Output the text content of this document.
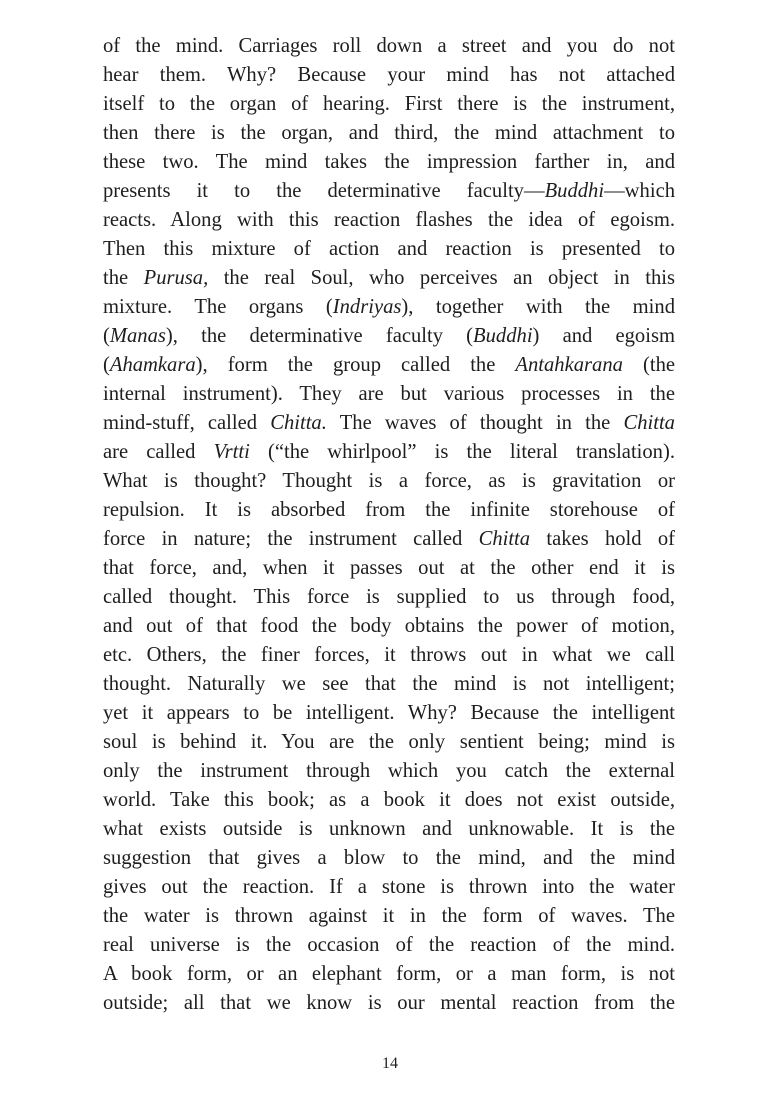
of the mind. Carriages roll down a street and you do not
hear them. Why? Because your mind has not attached
itself to the organ of hearing. First there is the instrument,
then there is the organ, and third, the mind attachment to
these two. The mind takes the impression farther in, and
presents it to the determinative faculty—Buddhi—which
reacts. Along with this reaction flashes the idea of egoism.
Then this mixture of action and reaction is presented to
the Purusa, the real Soul, who perceives an object in this
mixture. The organs (Indriyas), together with the mind
(Manas), the determinative faculty (Buddhi) and egoism
(Ahamkara), form the group called the Antahkarana (the
internal instrument). They are but various processes in the
mind-stuff, called Chitta. The waves of thought in the Chitta
are called Vrtti (“the whirlpool” is the literal translation).
What is thought? Thought is a force, as is gravitation or
repulsion. It is absorbed from the infinite storehouse of
force in nature; the instrument called Chitta takes hold of
that force, and, when it passes out at the other end it is
called thought. This force is supplied to us through food,
and out of that food the body obtains the power of motion,
etc. Others, the finer forces, it throws out in what we call
thought. Naturally we see that the mind is not intelligent;
yet it appears to be intelligent. Why? Because the intelligent
soul is behind it. You are the only sentient being; mind is
only the instrument through which you catch the external
world. Take this book; as a book it does not exist outside,
what exists outside is unknown and unknowable. It is the
suggestion that gives a blow to the mind, and the mind
gives out the reaction. If a stone is thrown into the water
the water is thrown against it in the form of waves. The
real universe is the occasion of the reaction of the mind.
A book form, or an elephant form, or a man form, is not
outside; all that we know is our mental reaction from the
14
